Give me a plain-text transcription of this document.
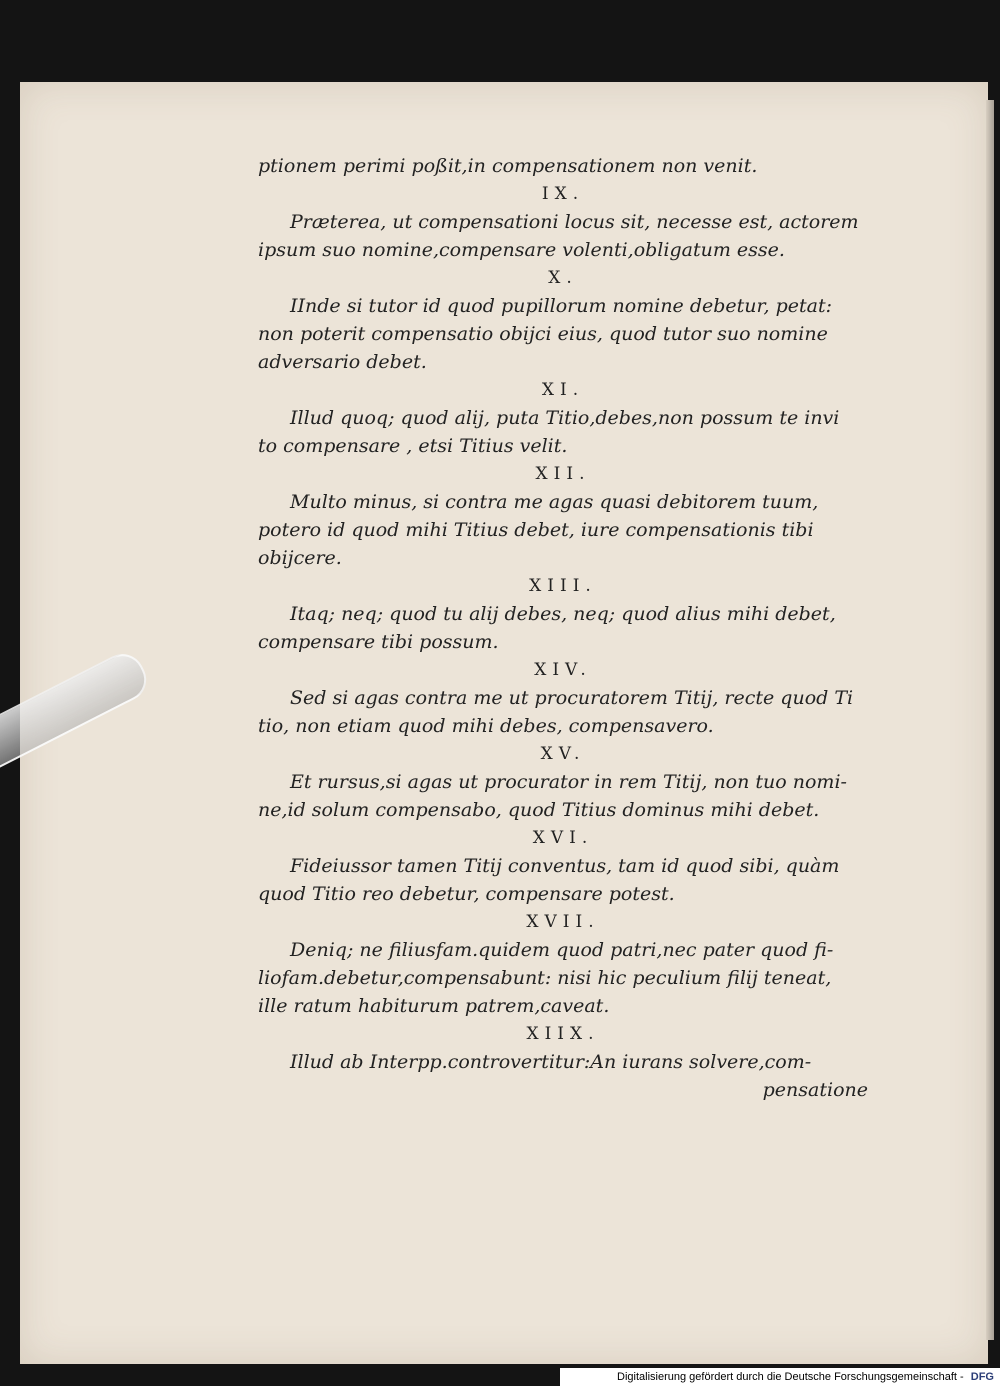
ptionem perimi poßit,in compensationem non venit.
IX.
Præterea, ut compensationi locus sit, necesse est, actorem
ipsum suo nomine,compensare volenti,obligatum esse.
X.
IInde si tutor id quod pupillorum nomine debetur, petat:
non poterit compensatio obijci eius, quod tutor suo nomine
adversario debet.
XI.
Illud quoq; quod alij, puta Titio,debes,non possum te invi
to compensare , etsi Titius velit.
XII.
Multo minus, si contra me agas quasi debitorem tuum,
potero id quod mihi Titius debet, iure compensationis tibi
obijcere.
XIII.
Itaq; neq; quod tu alij debes, neq; quod alius mihi debet,
compensare tibi possum.
XIV.
Sed si agas contra me ut procuratorem Titij, recte quod Ti
tio, non etiam quod mihi debes, compensavero.
XV.
Et rursus,si agas ut procurator in rem Titij, non tuo nomi-
ne,id solum compensabo, quod Titius dominus mihi debet.
XVI.
Fideiussor tamen Titij conventus, tam id quod sibi, quàm
quod Titio reo debetur, compensare potest.
XVII.
Deniq; ne filiusfam.quidem quod patri,nec pater quod fi-
liofam.debetur,compensabunt: nisi hic peculium filij teneat,
ille ratum habiturum patrem,caveat.
XIIX.
Illud ab Interpp.controvertitur:An iurans solvere,com-
pensatione
Digitalisierung gefördert durch die Deutsche Forschungsgemeinschaft - DFG
